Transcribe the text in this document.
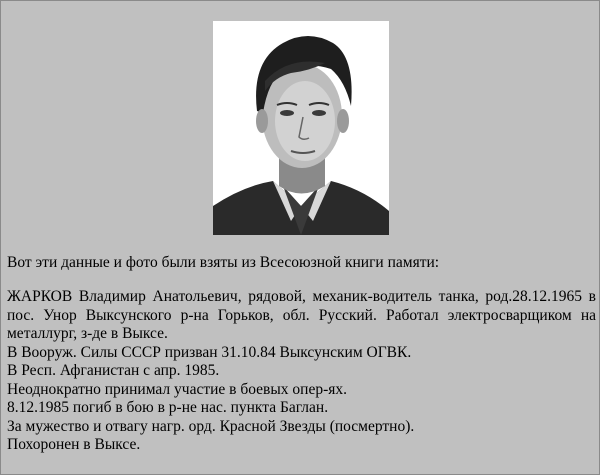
Вот эти данные и фото были взяты из Всесоюзной книги памяти:
ЖАРКОВ Владимир Анатольевич, рядовой, механик-водитель танка, род.28.12.1965 в
пос. Унор Выксунского р-на Горьков, обл. Русский. Работал электросварщиком на
металлург, з-де в Выксе.
В Вооруж. Силы СССР призван 31.10.84 Выксунским ОГВК.
В Респ. Афганистан с апр. 1985.
Неоднократно принимал участие в боевых опер-ях.
8.12.1985 погиб в бою в р-не нас. пункта Баглан.
За мужество и отвагу нагр. орд. Красной Звезды (посмертно).
Похоронен в Выксе.
